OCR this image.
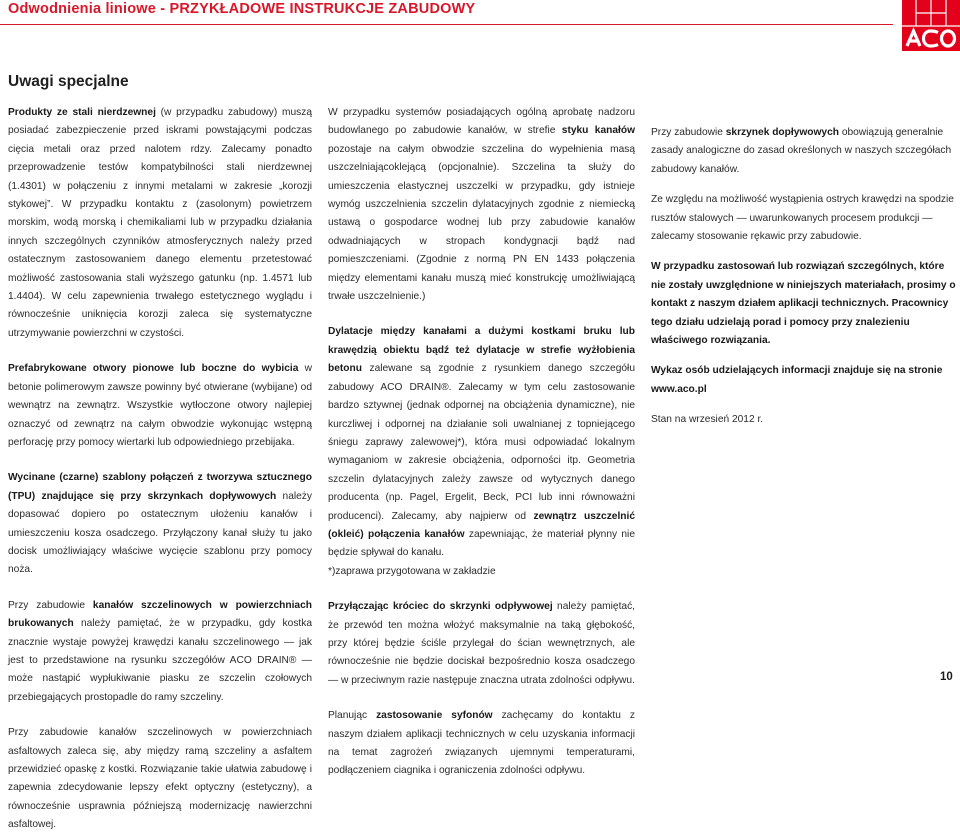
Odwodnienia liniowe - PRZYKŁADOWE INSTRUKCJE ZABUDOWY
Uwagi specjalne
Produkty ze stali nierdzewnej (w przypadku zabudowy) muszą posiadać zabezpieczenie przed iskrami powstającymi podczas cięcia metali oraz przed nalotem rdzy. Zalecamy ponadto przeprowadzenie testów kompatybilności stali nierdzewnej (1.4301) w połączeniu z innymi metalami w zakresie „korozji stykowej”. W przypadku kontaktu z (zasolonym) powietrzem morskim, wodą morską i chemikaliami lub w przypadku działania innych szczególnych czynników atmosferycznych należy przed ostatecznym zastosowaniem danego elementu przetestować możliwość zastosowania stali wyższego gatunku (np. 1.4571 lub 1.4404). W celu zapewnienia trwałego estetycznego wyglądu i równocześnie uniknięcia korozji zaleca się systematyczne utrzymywanie powierzchni w czystości.
Prefabrykowane otwory pionowe lub boczne do wybicia w betonie polimerowym zawsze powinny być otwierane (wybijane) od wewnątrz na zewnątrz. Wszystkie wytłoczone otwory najlepiej oznaczyć od zewnątrz na całym obwodzie wykonując wstępną perforację przy pomocy wiertarki lub odpowiedniego przebijaka.
Wycinane (czarne) szablony połączeń z tworzywa sztucznego (TPU) znajdujące się przy skrzynkach dopływowych należy dopasować dopiero po ostatecznym ułożeniu kanałów i umieszczeniu kosza osadczego. Przyłączony kanał służy tu jako docisk umożliwiający właściwe wycięcie szablonu przy pomocy noża.
Przy zabudowie kanałów szczelinowych w powierzchniach brukowanych należy pamiętać, że w przypadku, gdy kostka znacznie wystaje powyżej krawędzi kanału szczelinowego — jak jest to przedstawione na rysunku szczegółów ACO DRAIN® — może nastąpić wypłukiwanie piasku ze szczelin czołowych przebiegających prostopadle do ramy szczeliny.
Przy zabudowie kanałów szczelinowych w powierzchniach asfaltowych zaleca się, aby między ramą szczeliny a asfaltem przewidzieć opaskę z kostki. Rozwiązanie takie ułatwia zabudowę i zapewnia zdecydowanie lepszy efekt optyczny (estetyczny), a równocześnie usprawnia późniejszą modernizację nawierzchni asfaltowej.
W przypadku systemów posiadających ogólną aprobatę nadzoru budowlanego po zabudowie kanałów, w strefie styku kanałów pozostaje na całym obwodzie szczelina do wypełnienia masą uszczelniającoklejącą (opcjonalnie). Szczelina ta służy do umieszczenia elastycznej uszczelki w przypadku, gdy istnieje wymóg uszczelnienia szczelin dylatacyjnych zgodnie z niemiecką ustawą o gospodarce wodnej lub przy zabudowie kanałów odwadniających w stropach kondygnacji bądź nad pomieszczeniami. (Zgodnie z normą PN EN 1433 połączenia między elementami kanału muszą mieć konstrukcję umożliwiającą trwałe uszczelnienie.)
Dylatacje między kanałami a dużymi kostkami bruku lub krawędzią obiektu bądź też dylatacje w strefie wyżłobienia betonu zalewane są zgodnie z rysunkiem danego szczegółu zabudowy ACO DRAIN®. Zalecamy w tym celu zastosowanie bardzo sztywnej (jednak odpornej na obciążenia dynamiczne), nie kurczliwej i odpornej na działanie soli uwalnianej z topniejącego śniegu zaprawy zalewowej*), która musi odpowiadać lokalnym wymaganiom w zakresie obciążenia, odporności itp. Geometria szczelin dylatacyjnych zależy zawsze od wytycznych danego producenta (np. Pagel, Ergelit, Beck, PCI lub inni równoważni producenci). Zalecamy, aby najpierw od zewnątrz uszczelnić (okleić) połączenia kanałów zapewniając, że materiał płynny nie będzie spływał do kanału.
*)zaprawa przygotowana w zakładzie
Przyłączając króciec do skrzynki odpływowej należy pamiętać, że przewód ten można włożyć maksymalnie na taką głębokość, przy której będzie ściśle przylegał do ścian wewnętrznych, ale równocześnie nie będzie dociskał bezpośrednio kosza osadczego — w przeciwnym razie następuje znaczna utrata zdolności odpływu.
Planując zastosowanie syfonów zachęcamy do kontaktu z naszym działem aplikacji technicznych w celu uzyskania informacji na temat zagrożeń związanych ujemnymi temperaturami, podłączeniem ciagnika i ograniczenia zdolności odpływu.
Przy zabudowie skrzynek dopływowych obowiązują generalnie zasady analogiczne do zasad określonych w naszych szczegółach zabudowy kanałów.
Ze względu na możliwość wystąpienia ostrych krawędzi na spodzie rusztów stalowych — uwarunkowanych procesem produkcji — zalecamy stosowanie rękawic przy zabudowie.
W przypadku zastosowań lub rozwiązań szczególnych, które nie zostały uwzględnione w niniejszych materiałach, prosimy o kontakt z naszym działem aplikacji technicznych. Pracownicy tego działu udzielają porad i pomocy przy znalezieniu właściwego rozwiązania.
Wykaz osób udzielających informacji znajduje się na stronie www.aco.pl
Stan na wrzesień 2012 r.
10
